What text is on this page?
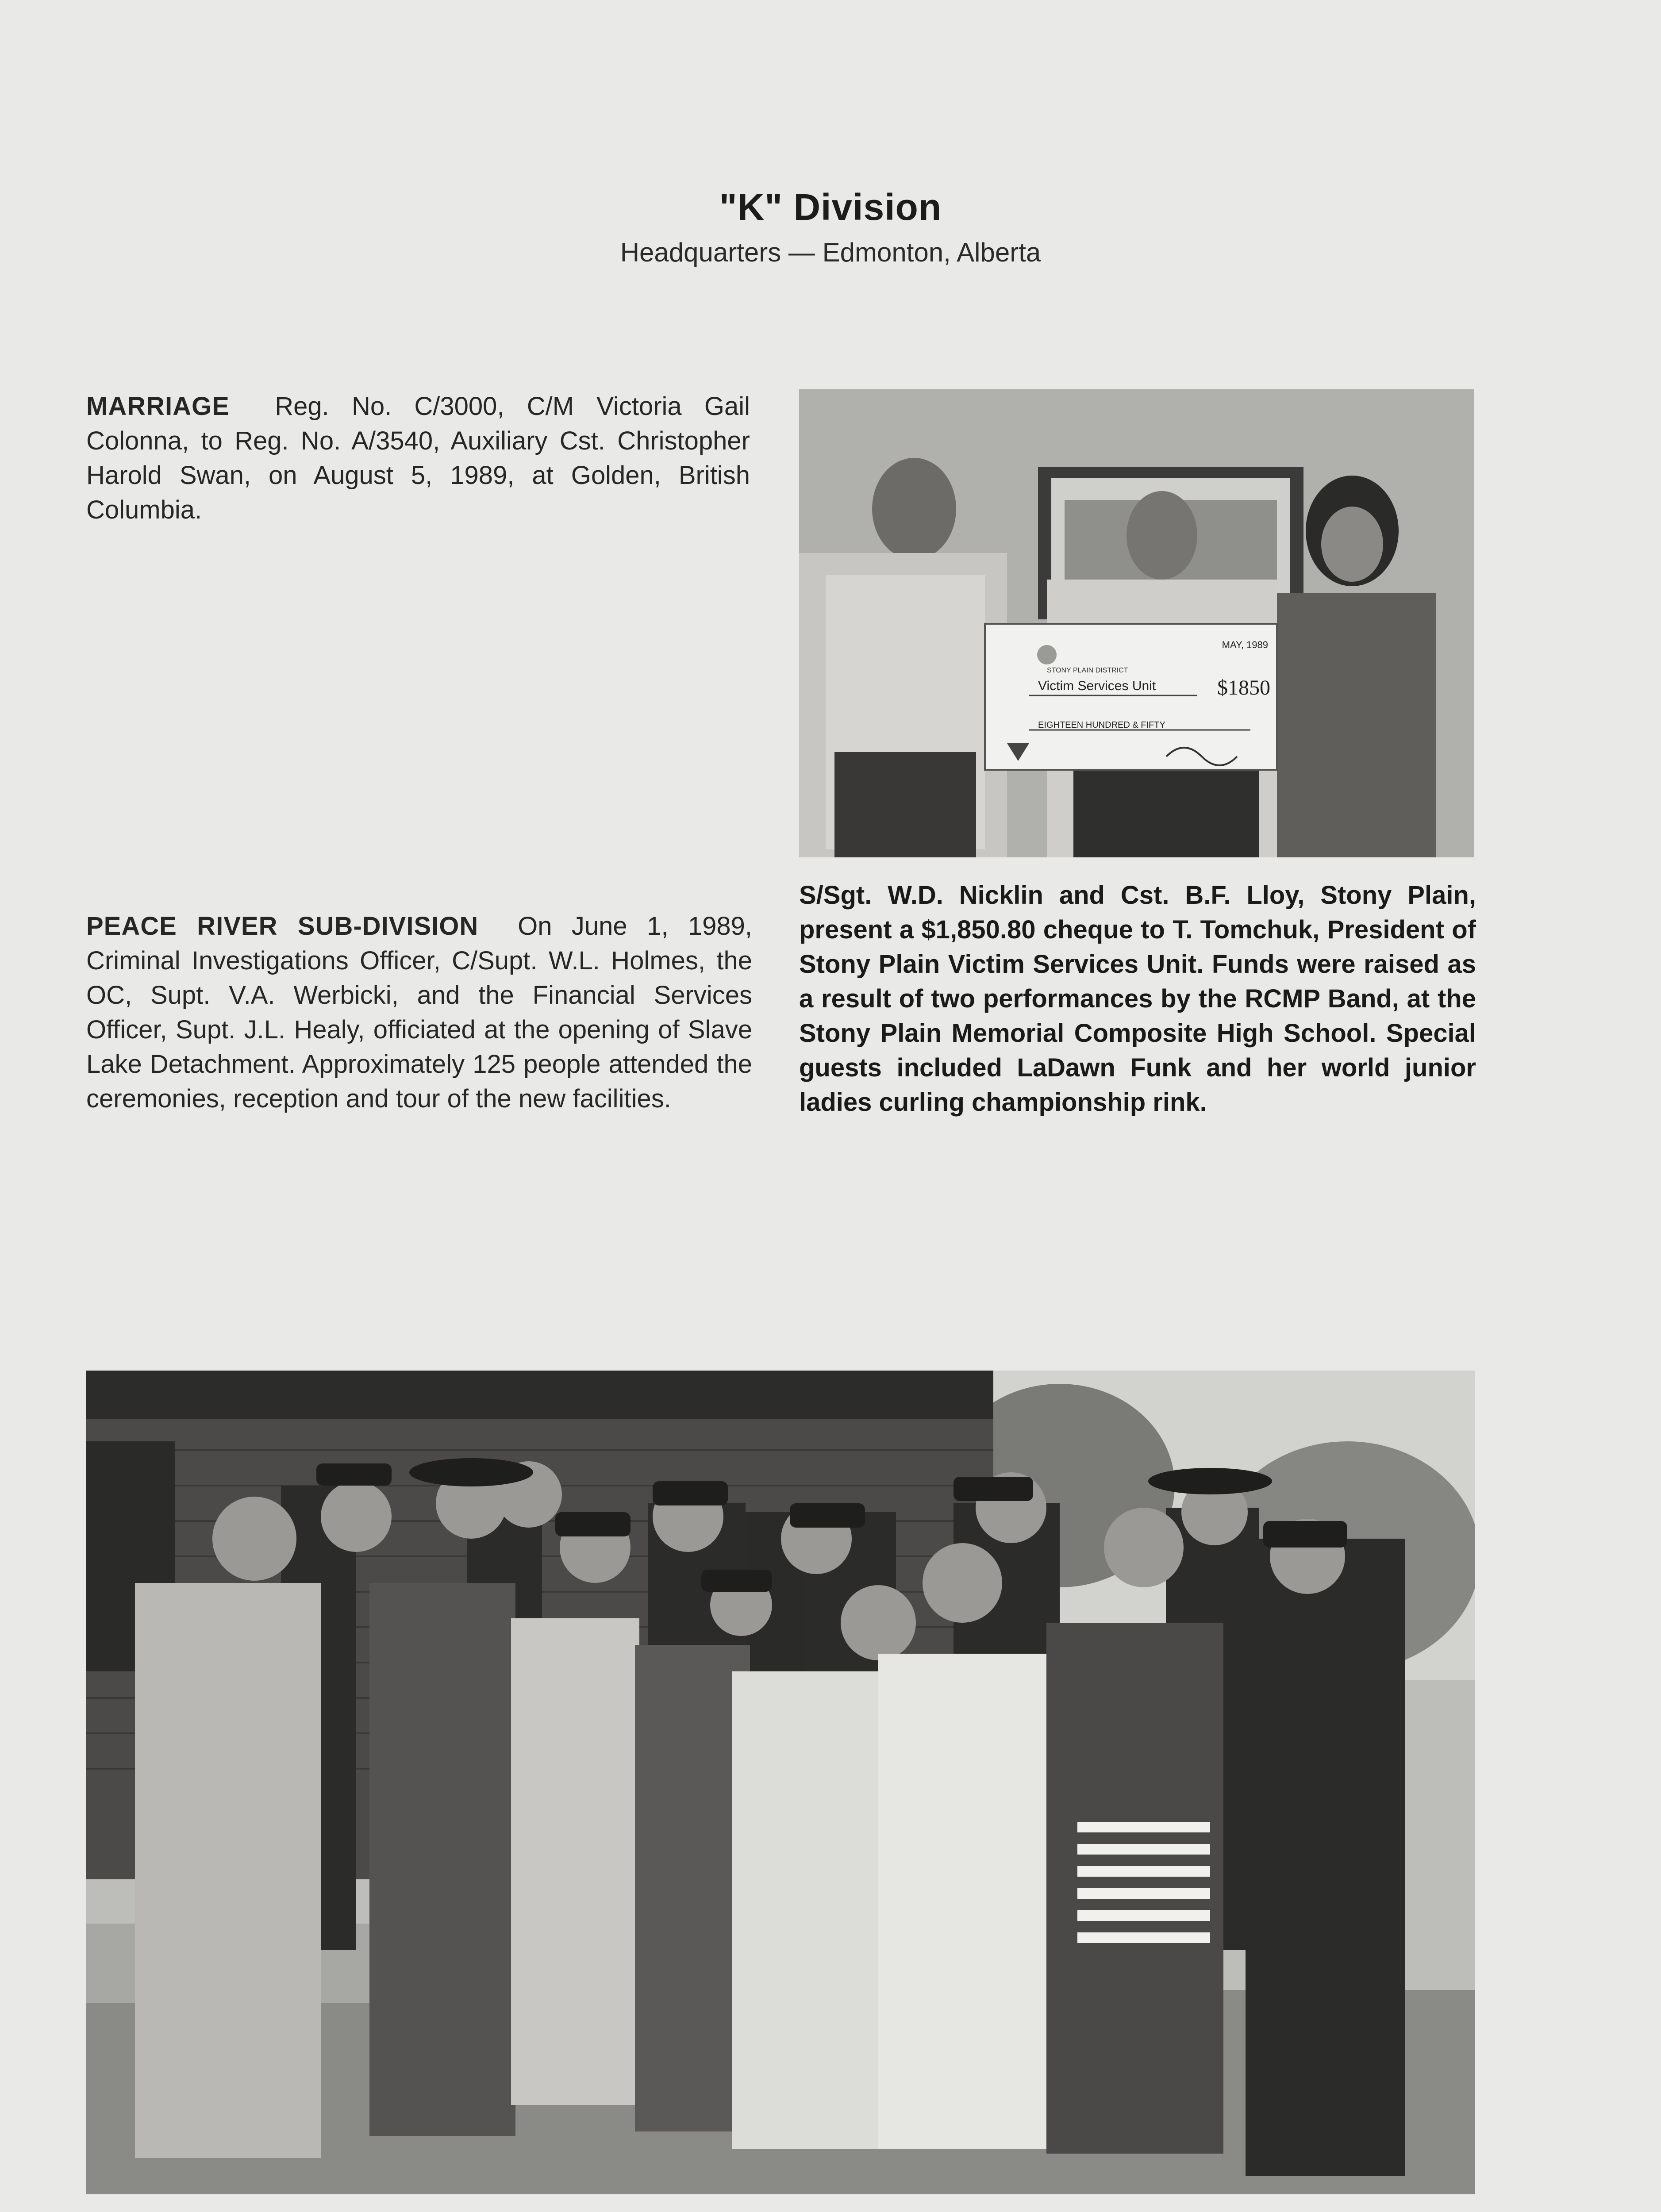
"K" Division
Headquarters — Edmonton, Alberta
MARRIAGE Reg. No. C/3000, C/M Victoria Gail Colonna, to Reg. No. A/3540, Auxiliary Cst. Christopher Harold Swan, on August 5, 1989, at Golden, British Columbia.
MAY, 1989
STONY PLAIN DISTRICT
Victim Services Unit	$1850
EIGHTEEN HUNDRED & FIFTY
S/Sgt. W.D. Nicklin and Cst. B.F. Lloy, Stony Plain, present a $1,850.80 cheque to T. Tomchuk, President of Stony Plain Victim Services Unit. Funds were raised as a result of two performances by the RCMP Band, at the Stony Plain Memorial Composite High School. Special guests included LaDawn Funk and her world junior ladies curling championship rink.
PEACE RIVER SUB-DIVISION On June 1, 1989, Criminal Investigations Officer, C/Supt. W.L. Holmes, the OC, Supt. V.A. Werbicki, and the Financial Services Officer, Supt. J.L. Healy, officiated at the opening of Slave Lake Detachment. Approximately 125 people attended the ceremonies, reception and tour of the new facilities.
